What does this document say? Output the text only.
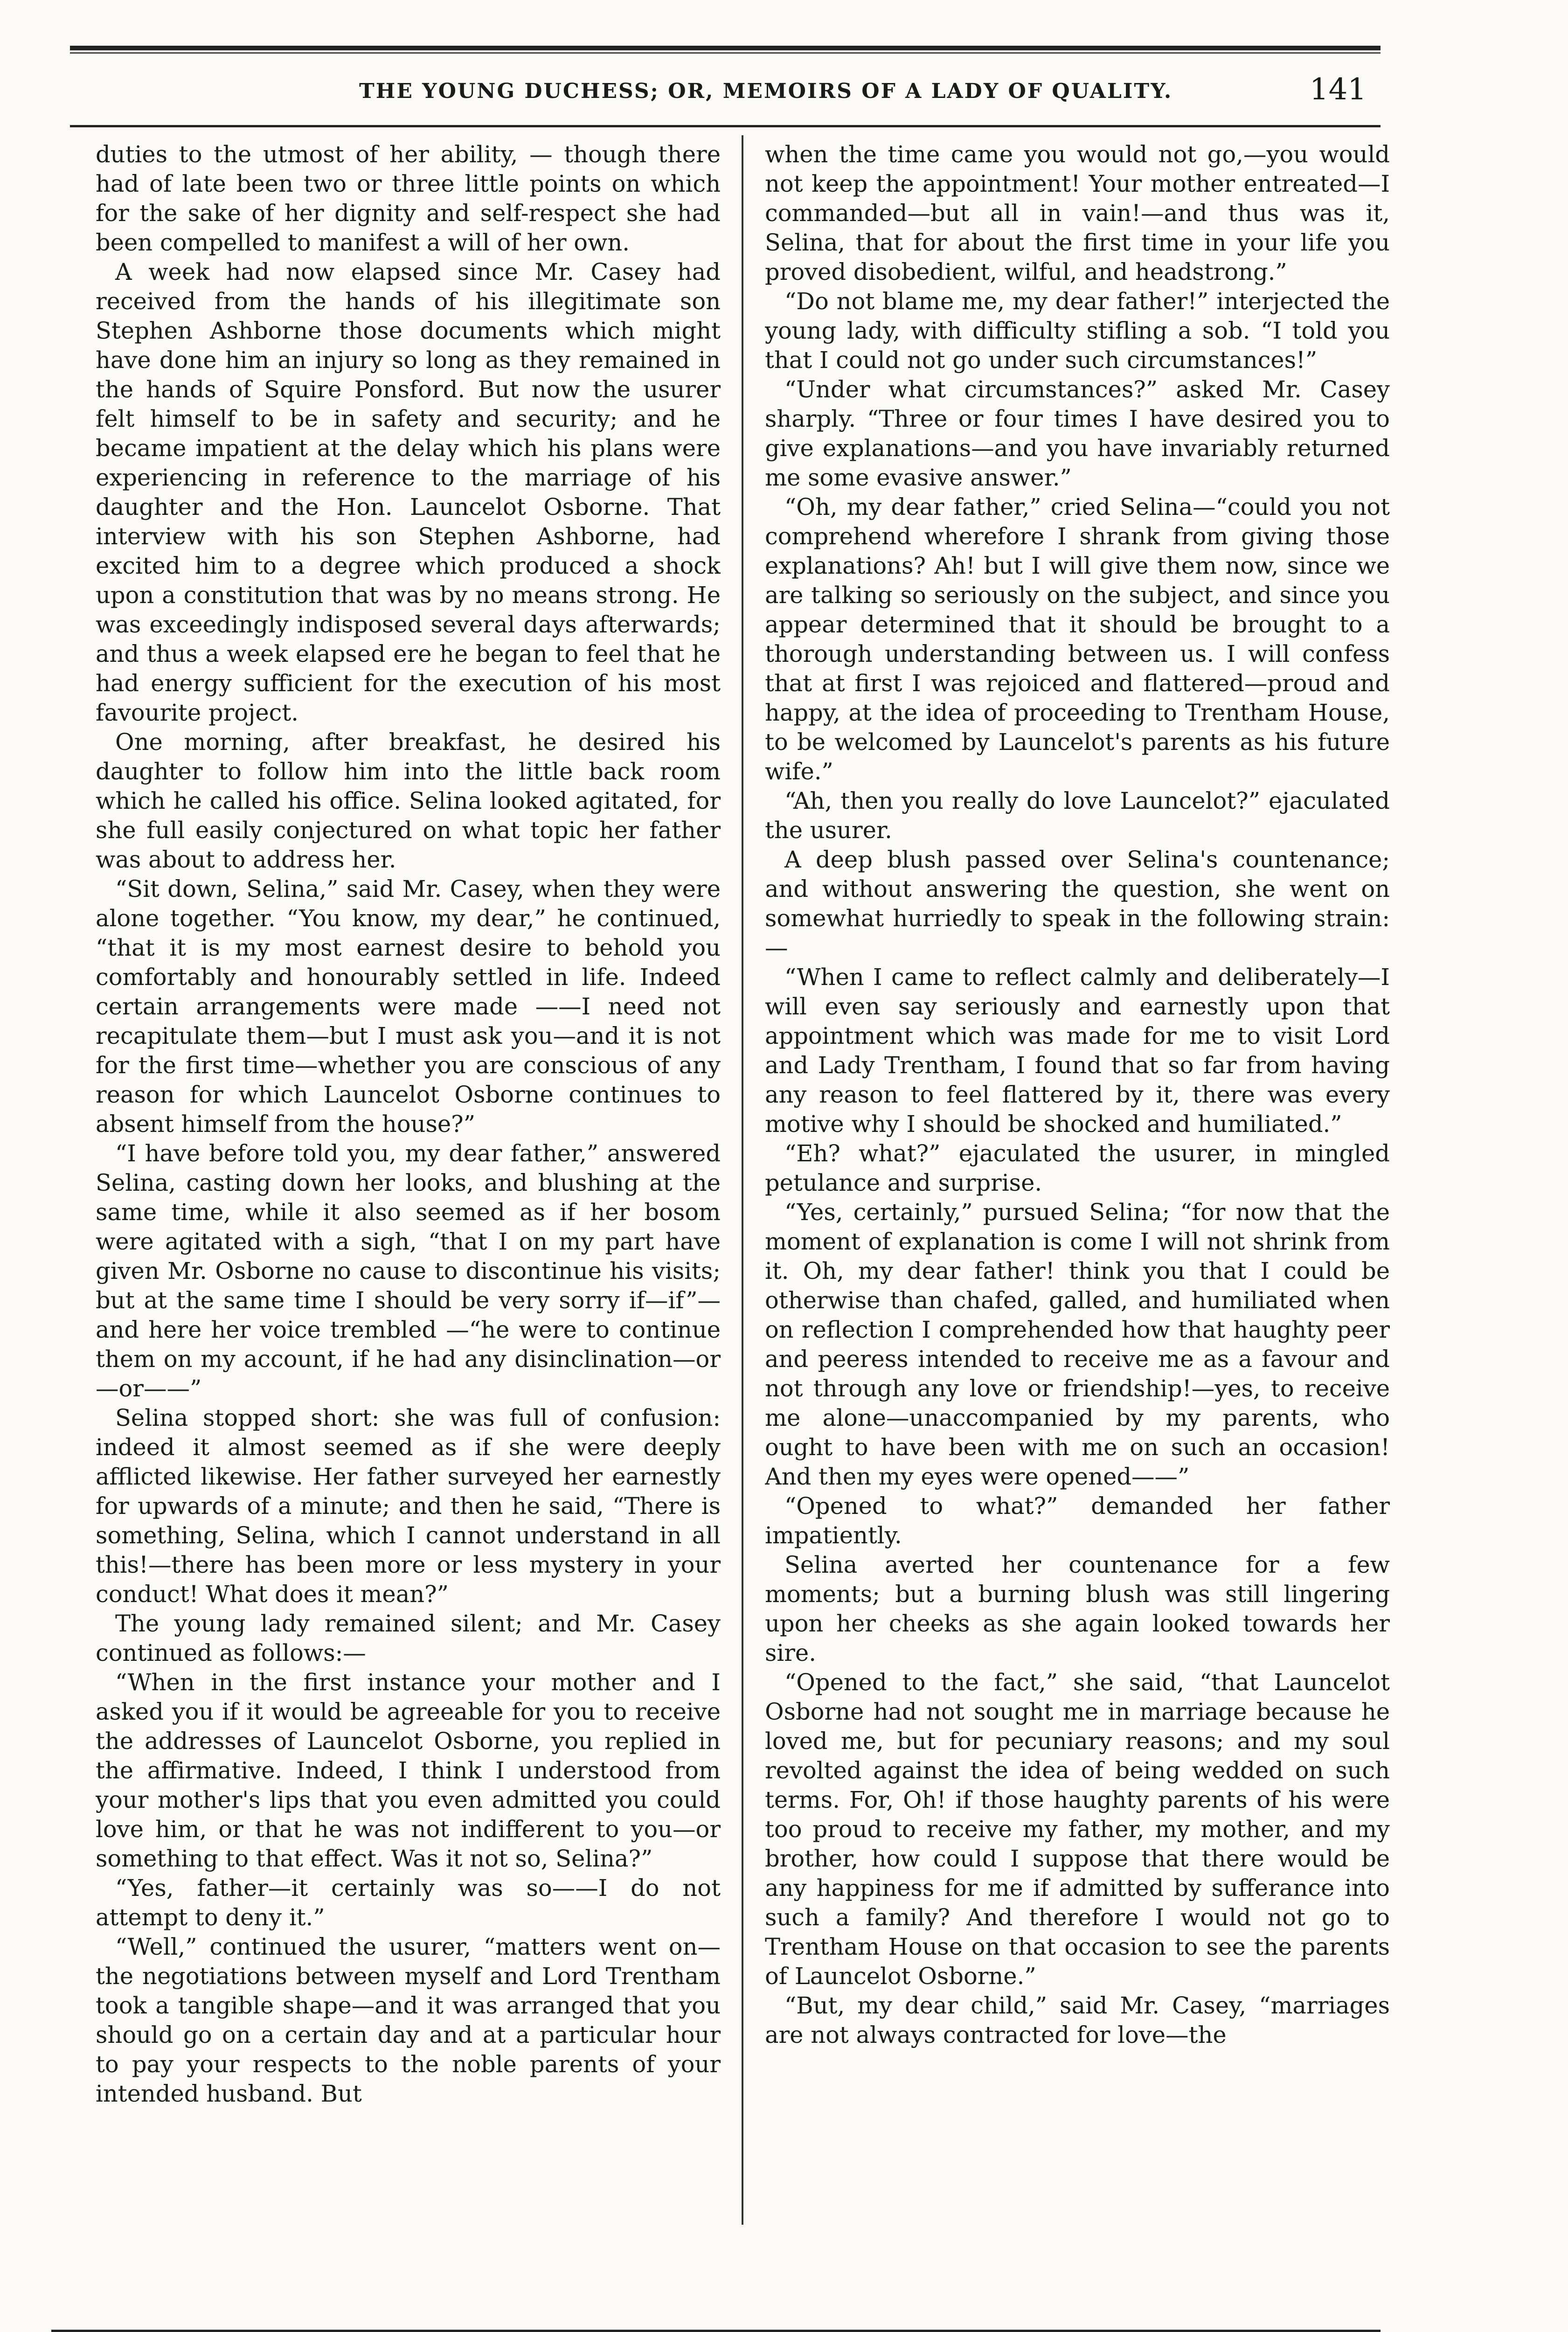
THE YOUNG DUCHESS; OR, MEMOIRS OF A LADY OF QUALITY.	141

duties to the utmost of her ability, — though there had of late been two or three little points on which for the sake of her dignity and self-respect she had been compelled to manifest a will of her own.

A week had now elapsed since Mr. Casey had received from the hands of his illegitimate son Stephen Ashborne those documents which might have done him an injury so long as they remained in the hands of Squire Ponsford. But now the usurer felt himself to be in safety and security; and he became impatient at the delay which his plans were experiencing in reference to the marriage of his daughter and the Hon. Launcelot Osborne. That interview with his son Stephen Ashborne, had excited him to a degree which produced a shock upon a constitution that was by no means strong. He was exceedingly indisposed several days afterwards; and thus a week elapsed ere he began to feel that he had energy sufficient for the execution of his most favourite project.

One morning, after breakfast, he desired his daughter to follow him into the little back room which he called his office. Selina looked agitated, for she full easily conjectured on what topic her father was about to address her.

“Sit down, Selina,” said Mr. Casey, when they were alone together. “You know, my dear,” he continued, “that it is my most earnest desire to behold you comfortably and honourably settled in life. Indeed certain arrangements were made ——I need not recapitulate them—but I must ask you—and it is not for the first time—whether you are conscious of any reason for which Launcelot Osborne continues to absent himself from the house?”

“I have before told you, my dear father,” answered Selina, casting down her looks, and blushing at the same time, while it also seemed as if her bosom were agitated with a sigh, “that I on my part have given Mr. Osborne no cause to discontinue his visits; but at the same time I should be very sorry if—if”—and here her voice trembled —“he were to continue them on my account, if he had any disinclination—or—or——”

Selina stopped short: she was full of confusion: indeed it almost seemed as if she were deeply afflicted likewise. Her father surveyed her earnestly for upwards of a minute; and then he said, “There is something, Selina, which I cannot understand in all this!—there has been more or less mystery in your conduct! What does it mean?”

The young lady remained silent; and Mr. Casey continued as follows:—

“When in the first instance your mother and I asked you if it would be agreeable for you to receive the addresses of Launcelot Osborne, you replied in the affirmative. Indeed, I think I understood from your mother's lips that you even admitted you could love him, or that he was not indifferent to you—or something to that effect. Was it not so, Selina?”

“Yes, father—it certainly was so——I do not attempt to deny it.”

“Well,” continued the usurer, “matters went on—the negotiations between myself and Lord Trentham took a tangible shape—and it was arranged that you should go on a certain day and at a particular hour to pay your respects to the noble parents of your intended husband. But

when the time came you would not go,—you would not keep the appointment! Your mother entreated—I commanded—but all in vain!—and thus was it, Selina, that for about the first time in your life you proved disobedient, wilful, and headstrong.”

“Do not blame me, my dear father!” interjected the young lady, with difficulty stifling a sob. “I told you that I could not go under such circumstances!”

“Under what circumstances?” asked Mr. Casey sharply. “Three or four times I have desired you to give explanations—and you have invariably returned me some evasive answer.”

“Oh, my dear father,” cried Selina—“could you not comprehend wherefore I shrank from giving those explanations? Ah! but I will give them now, since we are talking so seriously on the subject, and since you appear determined that it should be brought to a thorough understanding between us. I will confess that at first I was rejoiced and flattered—proud and happy, at the idea of proceeding to Trentham House, to be welcomed by Launcelot's parents as his future wife.”

“Ah, then you really do love Launcelot?” ejaculated the usurer.

A deep blush passed over Selina's countenance; and without answering the question, she went on somewhat hurriedly to speak in the following strain:—

“When I came to reflect calmly and deliberately—I will even say seriously and earnestly upon that appointment which was made for me to visit Lord and Lady Trentham, I found that so far from having any reason to feel flattered by it, there was every motive why I should be shocked and humiliated.”

“Eh? what?” ejaculated the usurer, in mingled petulance and surprise.

“Yes, certainly,” pursued Selina; “for now that the moment of explanation is come I will not shrink from it. Oh, my dear father! think you that I could be otherwise than chafed, galled, and humiliated when on reflection I comprehended how that haughty peer and peeress intended to receive me as a favour and not through any love or friendship!—yes, to receive me alone—unaccompanied by my parents, who ought to have been with me on such an occasion! And then my eyes were opened——”

“Opened to what?” demanded her father impatiently.

Selina averted her countenance for a few moments; but a burning blush was still lingering upon her cheeks as she again looked towards her sire.

“Opened to the fact,” she said, “that Launcelot Osborne had not sought me in marriage because he loved me, but for pecuniary reasons; and my soul revolted against the idea of being wedded on such terms. For, Oh! if those haughty parents of his were too proud to receive my father, my mother, and my brother, how could I suppose that there would be any happiness for me if admitted by sufferance into such a family? And therefore I would not go to Trentham House on that occasion to see the parents of Launcelot Osborne.”

“But, my dear child,” said Mr. Casey, “marriages are not always contracted for love—the
